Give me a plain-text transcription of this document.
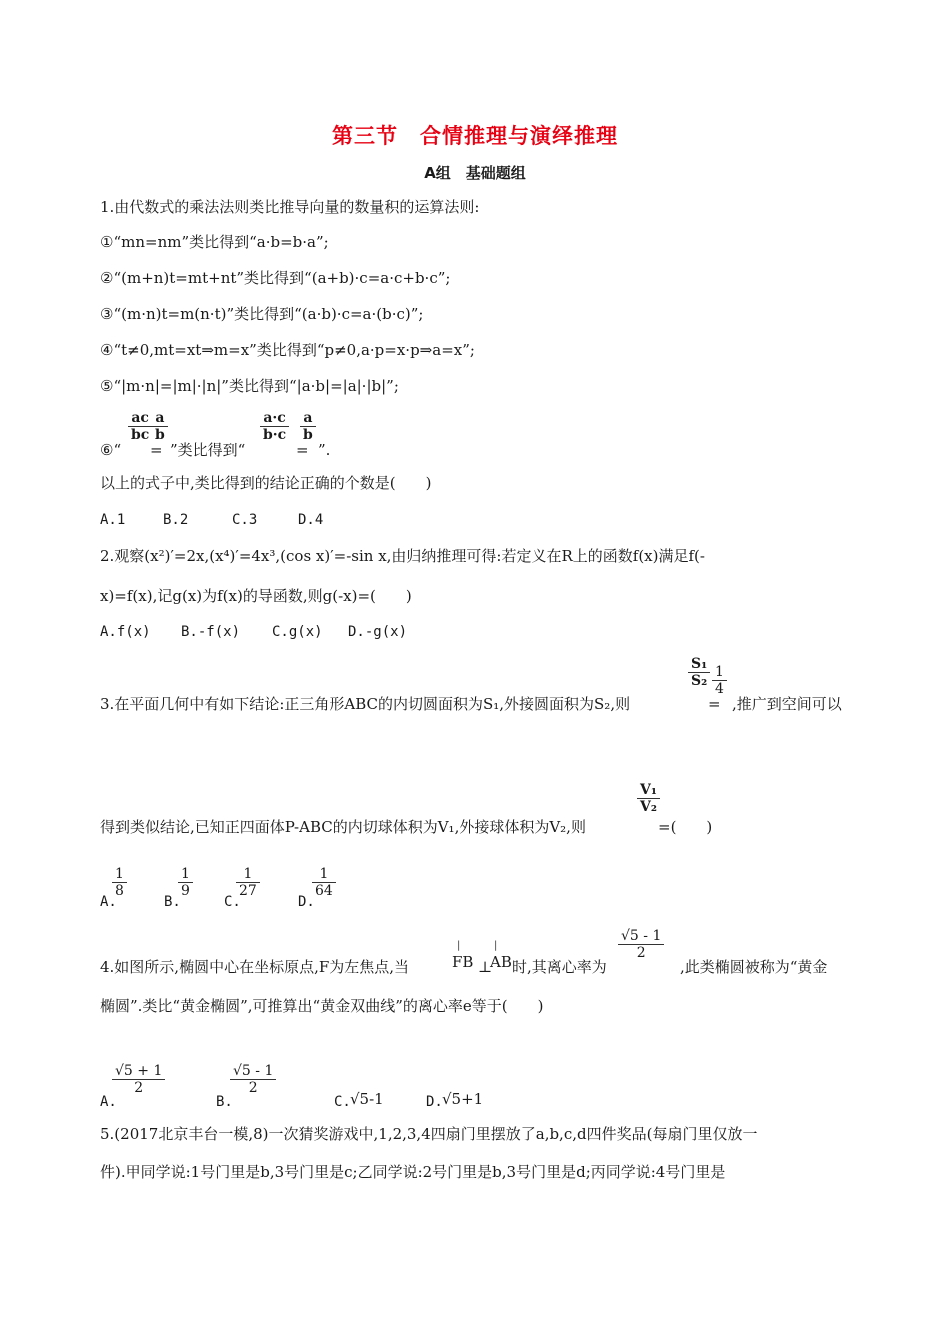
第三节　合情推理与演绎推理
A组　基础题组
1.由代数式的乘法法则类比推导向量的数量积的运算法则:
①“mn=nm”类比得到“a·b=b·a”;
②“(m+n)t=mt+nt”类比得到“(a+b)·c=a·c+b·c”;
③“(m·n)t=m(n·t)”类比得到“(a·b)·c=a·(b·c)”;
④“t≠0,mt=xt⇒m=x”类比得到“p≠0,a·p=x·p⇒a=x”;
⑤“|m·n|=|m|·|n|”类比得到“|a·b|=|a|·|b|”;
⑥“
ac
bc
=
a
b
”类比得到“
a·c
b·c
=
a
b
”.
以上的式子中,类比得到的结论正确的个数是(　　)
A.1	B.2	C.3	D.4
2.观察(x²)′=2x,(x⁴)′=4x³,(cos x)′=-sin x,由归纳推理可得:若定义在R上的函数f(x)满足f(-
x)=f(x),记g(x)为f(x)的导函数,则g(-x)=(　　)
A.f(x) B.-f(x) C.g(x) D.-g(x)
3.在平面几何中有如下结论:正三角形ABC的内切圆面积为S₁,外接圆面积为S₂,则
S₁
S₂
=
1
4
,推广到空间可以
得到类似结论,已知正四面体P-ABC的内切球体积为V₁,外接球体积为V₂,则
V₁
V₂
=(　　)
A.
1
8
B.
1
9
C.
1
27
D.
1
64
4.如图所示,椭圆中心在坐标原点,F为左焦点,当
|
FB ⊥
|
AB 时,其离心率为
√5 - 1
2
,此类椭圆被称为“黄金
椭圆”.类比“黄金椭圆”,可推算出“黄金双曲线”的离心率e等于(　　)
A.
√5 + 1
2
B.
√5 - 1
2
C. √5-1	D. √5+1
5.(2017北京丰台一模,8)一次猜奖游戏中,1,2,3,4四扇门里摆放了a,b,c,d四件奖品(每扇门里仅放一
件).甲同学说:1号门里是b,3号门里是c;乙同学说:2号门里是b,3号门里是d;丙同学说:4号门里是
